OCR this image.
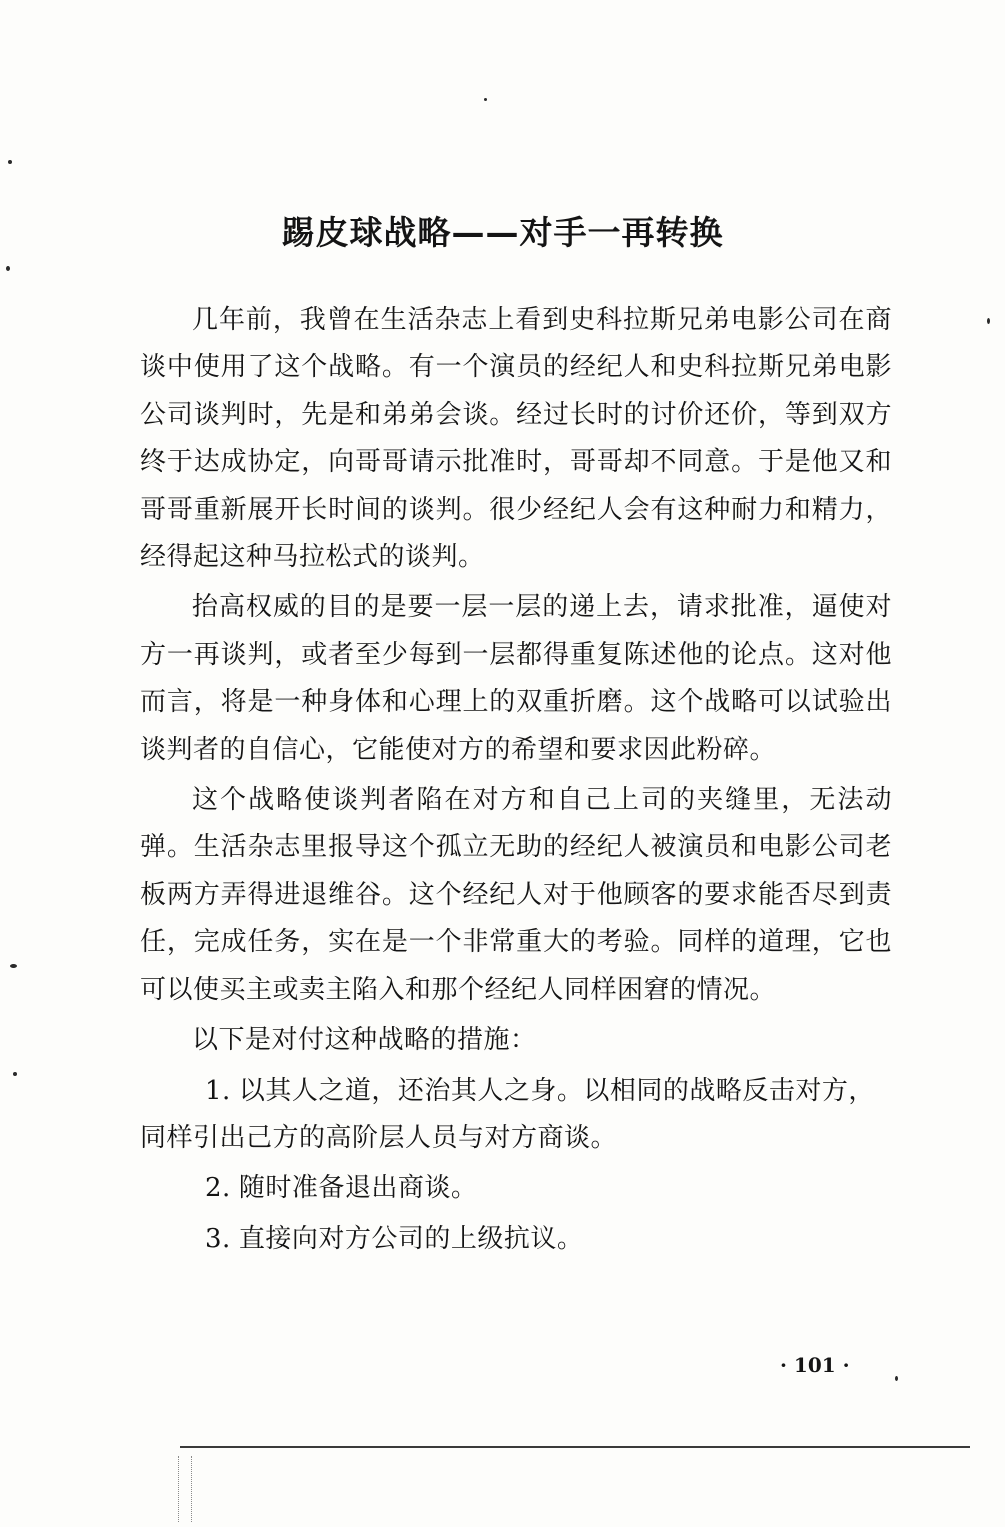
踢皮球战略——对手一再转换

几年前，我曾在生活杂志上看到史科拉斯兄弟电影公司在商谈中使用了这个战略。有一个演员的经纪人和史科拉斯兄弟电影公司谈判时，先是和弟弟会谈。经过长时的讨价还价，等到双方终于达成协定，向哥哥请示批准时，哥哥却不同意。于是他又和哥哥重新展开长时间的谈判。很少经纪人会有这种耐力和精力，经得起这种马拉松式的谈判。

抬高权威的目的是要一层一层的递上去，请求批准，逼使对方一再谈判，或者至少每到一层都得重复陈述他的论点。这对他而言，将是一种身体和心理上的双重折磨。这个战略可以试验出谈判者的自信心，它能使对方的希望和要求因此粉碎。

这个战略使谈判者陷在对方和自己上司的夹缝里，无法动弹。生活杂志里报导这个孤立无助的经纪人被演员和电影公司老板两方弄得进退维谷。这个经纪人对于他顾客的要求能否尽到责任，完成任务，实在是一个非常重大的考验。同样的道理，它也可以使买主或卖主陷入和那个经纪人同样困窘的情况。

以下是对付这种战略的措施：

1. 以其人之道，还治其人之身。以相同的战略反击对方，同样引出己方的高阶层人员与对方商谈。
2. 随时准备退出商谈。
3. 直接向对方公司的上级抗议。
· 101 ·
